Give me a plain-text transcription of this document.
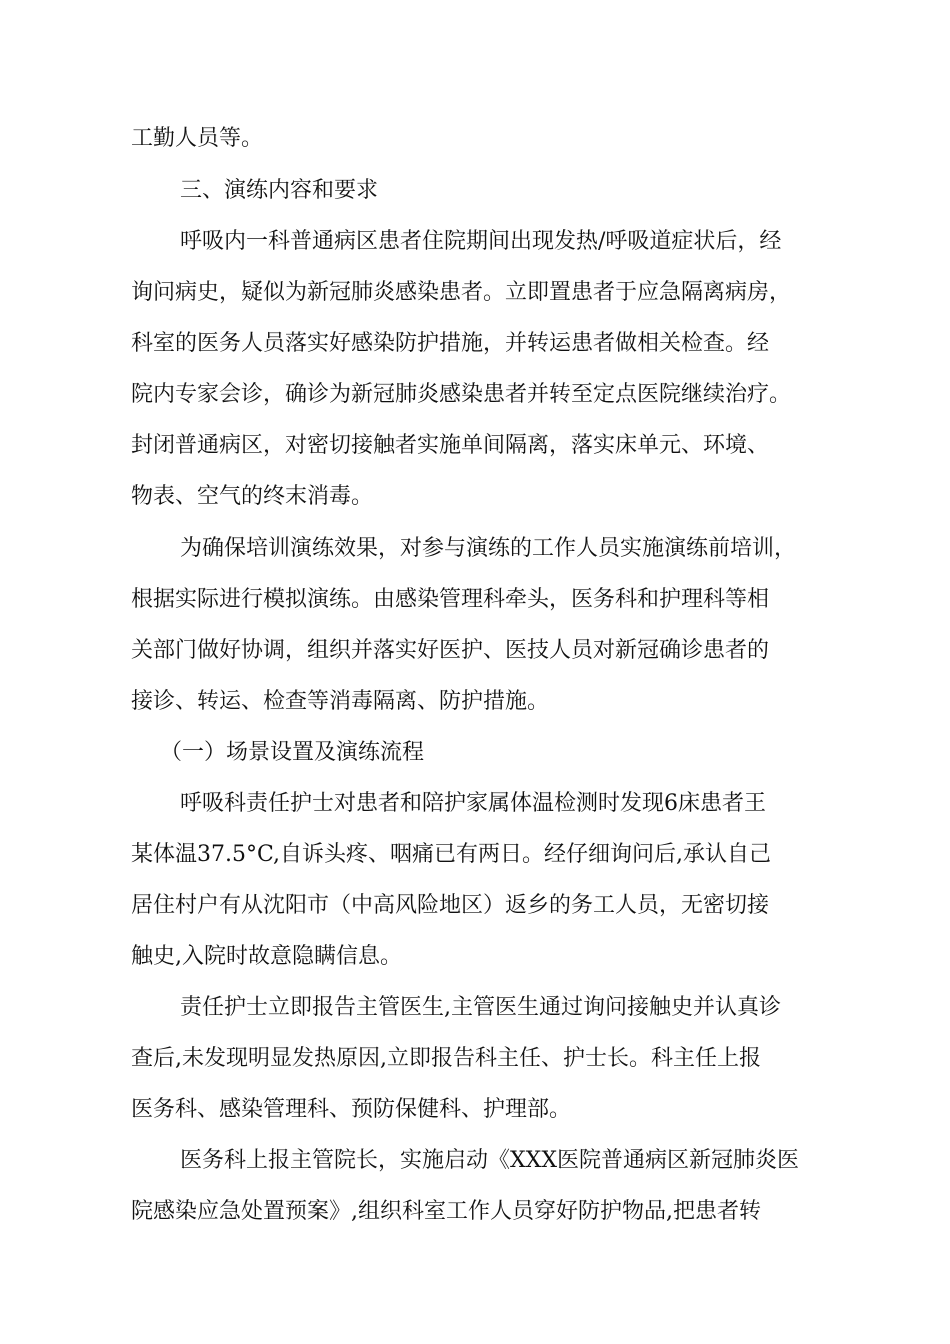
工勤人员等。
三、演练内容和要求
呼吸内一科普通病区患者住院期间出现发热/呼吸道症状后，经
询问病史，疑似为新冠肺炎感染患者。立即置患者于应急隔离病房，
科室的医务人员落实好感染防护措施，并转运患者做相关检查。经
院内专家会诊，确诊为新冠肺炎感染患者并转至定点医院继续治疗。
封闭普通病区，对密切接触者实施单间隔离，落实床单元、环境、
物表、空气的终末消毒。
为确保培训演练效果，对参与演练的工作人员实施演练前培训，
根据实际进行模拟演练。由感染管理科牵头，医务科和护理科等相
关部门做好协调，组织并落实好医护、医技人员对新冠确诊患者的
接诊、转运、检查等消毒隔离、防护措施。
（一）场景设置及演练流程
呼吸科责任护士对患者和陪护家属体温检测时发现6床患者王
某体温37.5°C,自诉头疼、咽痛已有两日。经仔细询问后,承认自己
居住村户有从沈阳市（中高风险地区）返乡的务工人员，无密切接
触史,入院时故意隐瞒信息。
责任护士立即报告主管医生,主管医生通过询问接触史并认真诊
查后,未发现明显发热原因,立即报告科主任、护士长。科主任上报
医务科、感染管理科、预防保健科、护理部。
医务科上报主管院长，实施启动《XXX医院普通病区新冠肺炎医
院感染应急处置预案》,组织科室工作人员穿好防护物品,把患者转
